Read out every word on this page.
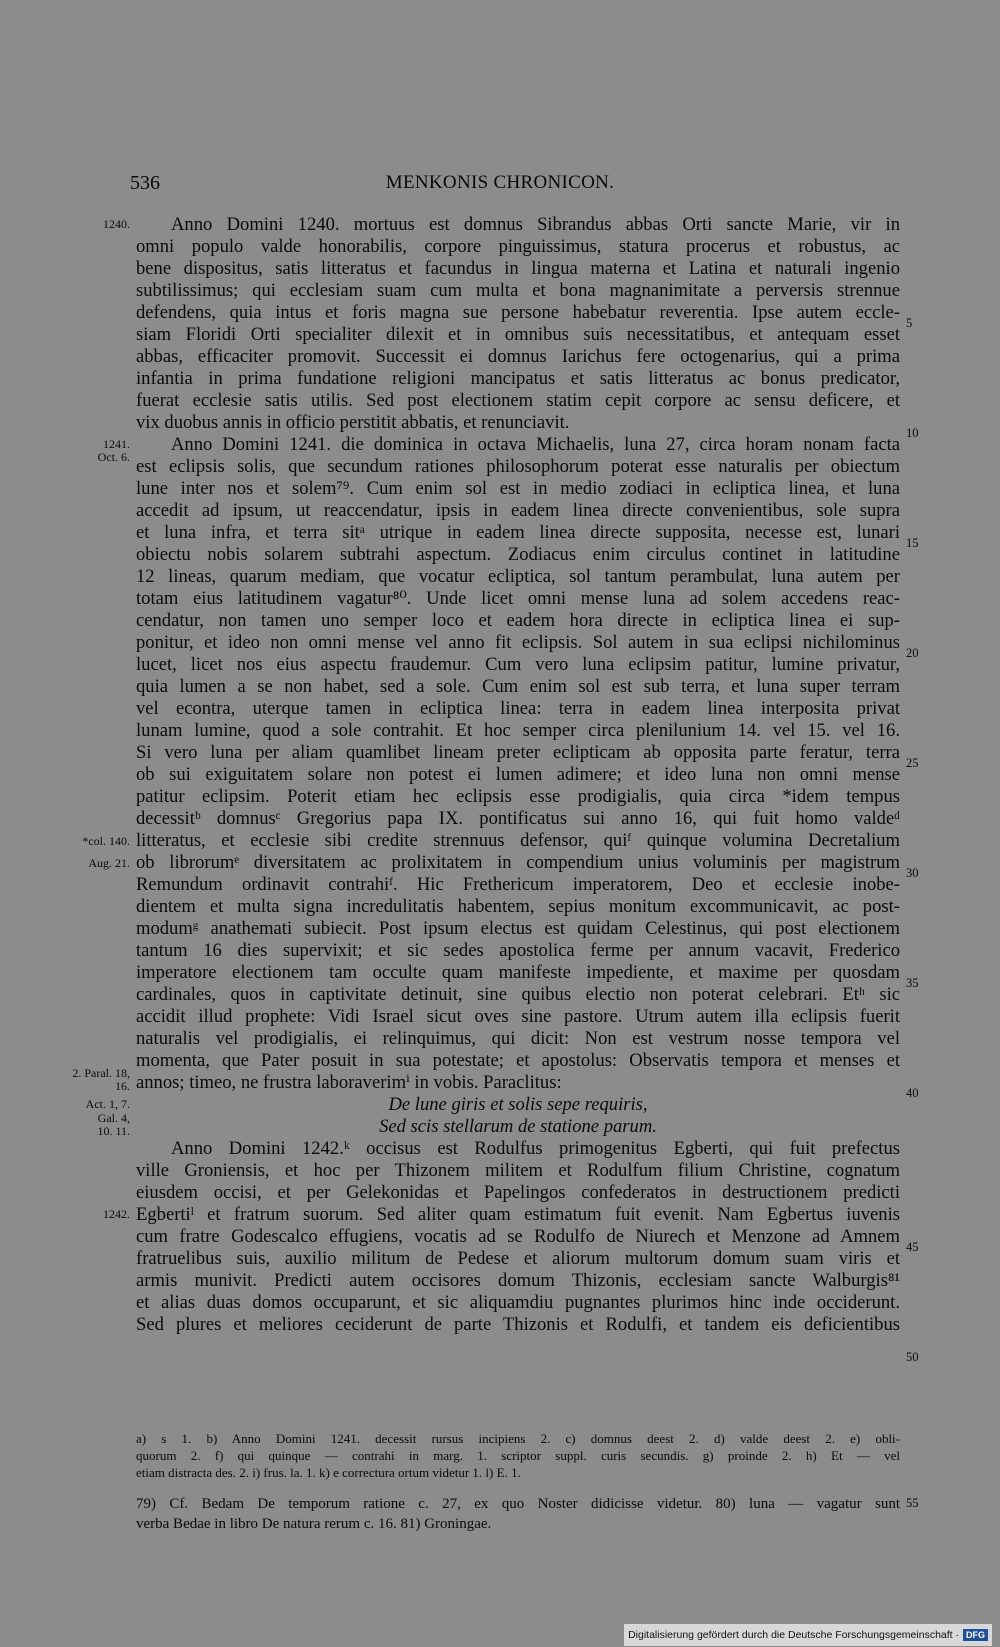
536	MENKONIS CHRONICON.
1240.
1241.
Oct. 6.
*col. 140.
Aug. 21.
2. Paral. 18, 16.
Act. 1, 7.
Gal. 4, 10. 11.
1242.
5
10
15
20
25
30
35
40
45
50
55
Anno Domini 1240. mortuus est domnus Sibrandus abbas Orti sancte Marie, vir in
omni populo valde honorabilis, corpore pinguissimus, statura procerus et robustus, ac
bene dispositus, satis litteratus et facundus in lingua materna et Latina et naturali ingenio
subtilissimus; qui ecclesiam suam cum multa et bona magnanimitate a perversis strennue
defendens, quia intus et foris magna sue persone habebatur reverentia. Ipse autem eccle-
siam Floridi Orti specialiter dilexit et in omnibus suis necessitatibus, et antequam esset
abbas, efficaciter promovit. Successit ei domnus Iarichus fere octogenarius, qui a prima
infantia in prima fundatione religioni mancipatus et satis litteratus ac bonus predicator,
fuerat ecclesie satis utilis. Sed post electionem statim cepit corpore ac sensu deficere, et
vix duobus annis in officio perstitit abbatis, et renunciavit.
Anno Domini 1241. die dominica in octava Michaelis, luna 27, circa horam nonam facta
est eclipsis solis, que secundum rationes philosophorum poterat esse naturalis per obiectum
lune inter nos et solem⁷⁹. Cum enim sol est in medio zodiaci in ecliptica linea, et luna
accedit ad ipsum, ut reaccendatur, ipsis in eadem linea directe convenientibus, sole supra
et luna infra, et terra sitᵃ utrique in eadem linea directe supposita, necesse est, lunari
obiectu nobis solarem subtrahi aspectum. Zodiacus enim circulus continet in latitudine
12 lineas, quarum mediam, que vocatur ecliptica, sol tantum perambulat, luna autem per
totam eius latitudinem vagatur⁸⁰. Unde licet omni mense luna ad solem accedens reac-
cendatur, non tamen uno semper loco et eadem hora directe in ecliptica linea ei sup-
ponitur, et ideo non omni mense vel anno fit eclipsis. Sol autem in sua eclipsi nichilominus
lucet, licet nos eius aspectu fraudemur. Cum vero luna eclipsim patitur, lumine privatur,
quia lumen a se non habet, sed a sole. Cum enim sol est sub terra, et luna super terram
vel econtra, uterque tamen in ecliptica linea: terra in eadem linea interposita privat
lunam lumine, quod a sole contrahit. Et hoc semper circa plenilunium 14. vel 15. vel 16.
Si vero luna per aliam quamlibet lineam preter eclipticam ab opposita parte feratur, terra
ob sui exiguitatem solare non potest ei lumen adimere; et ideo luna non omni mense
patitur eclipsim. Poterit etiam hec eclipsis esse prodigialis, quia circa *idem tempus
decessitᵇ domnusᶜ Gregorius papa IX. pontificatus sui anno 16, qui fuit homo valdeᵈ
litteratus, et ecclesie sibi credite strennuus defensor, quiᶠ quinque volumina Decretalium
ob librorumᵉ diversitatem ac prolixitatem in compendium unius voluminis per magistrum
Remundum ordinavit contrahiᶠ. Hic Frethericum imperatorem, Deo et ecclesie inobe-
dientem et multa signa incredulitatis habentem, sepius monitum excommunicavit, ac post-
modumᵍ anathemati subiecit. Post ipsum electus est quidam Celestinus, qui post electionem
tantum 16 dies supervixit; et sic sedes apostolica ferme per annum vacavit, Frederico
imperatore electionem tam occulte quam manifeste impediente, et maxime per quosdam
cardinales, quos in captivitate detinuit, sine quibus electio non poterat celebrari. Etʰ sic
accidit illud prophete: Vidi Israel sicut oves sine pastore. Utrum autem illa eclipsis fuerit
naturalis vel prodigialis, ei relinquimus, qui dicit: Non est vestrum nosse tempora vel
momenta, que Pater posuit in sua potestate; et apostolus: Observatis tempora et menses et
annos; timeo, ne frustra laboraverimⁱ in vobis. Paraclitus:
De lune giris et solis sepe requiris,
Sed scis stellarum de statione parum.
Anno Domini 1242.ᵏ occisus est Rodulfus primogenitus Egberti, qui fuit prefectus
ville Groniensis, et hoc per Thizonem militem et Rodulfum filium Christine, cognatum
eiusdem occisi, et per Gelekonidas et Papelingos confederatos in destructionem predicti
Egbertiˡ et fratrum suorum. Sed aliter quam estimatum fuit evenit. Nam Egbertus iuvenis
cum fratre Godescalco effugiens, vocatis ad se Rodulfo de Niurech et Menzone ad Amnem
fratruelibus suis, auxilio militum de Pedese et aliorum multorum domum suam viris et
armis munivit. Predicti autem occisores domum Thizonis, ecclesiam sancte Walburgis⁸¹
et alias duas domos occuparunt, et sic aliquamdiu pugnantes plurimos hinc inde occiderunt.
Sed plures et meliores ceciderunt de parte Thizonis et Rodulfi, et tandem eis deficientibus
a) s 1. b) Anno Domini 1241. decessit rursus incipiens 2. c) domnus deest 2. d) valde deest 2. e) obli-
quorum 2. f) qui quinque — contrahi in marg. 1. scriptor suppl. curis secundis. g) proinde 2. h) Et — vel
etiam distracta des. 2. i) frus. la. 1. k) e correctura ortum videtur 1. l) E. 1.
79) Cf. Bedam De temporum ratione c. 27, ex quo Noster didicisse videtur. 80) luna — vagatur sunt
verba Bedae in libro De natura rerum c. 16. 81) Groningae.
Digitalisierung gefördert durch die Deutsche Forschungsgemeinschaft · DFG
